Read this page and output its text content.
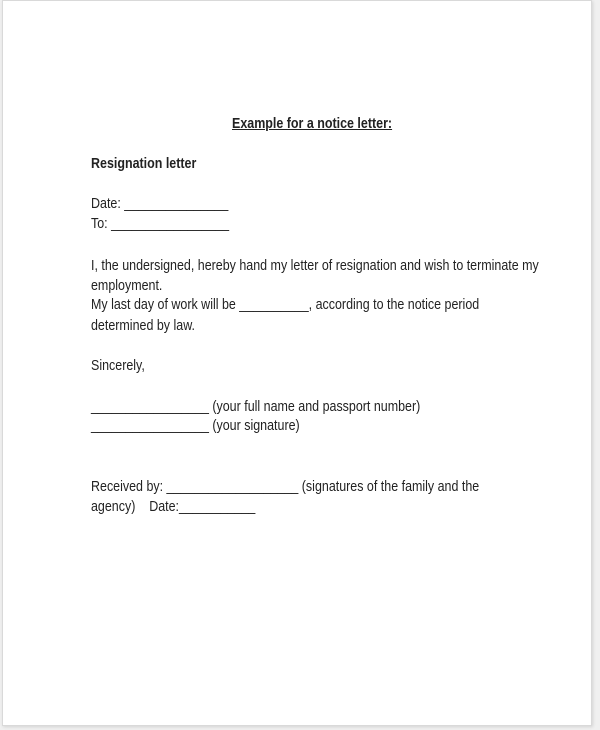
Example for a notice letter:
Resignation letter
Date: _______________
To: _________________
I, the undersigned, hereby hand my letter of resignation and wish to terminate my
employment.
My last day of work will be __________, according to the notice period
determined by law.
Sincerely,
_________________ (your full name and passport number)
_________________ (your signature)
Received by: ___________________ (signatures of the family and the
agency)    Date:___________
